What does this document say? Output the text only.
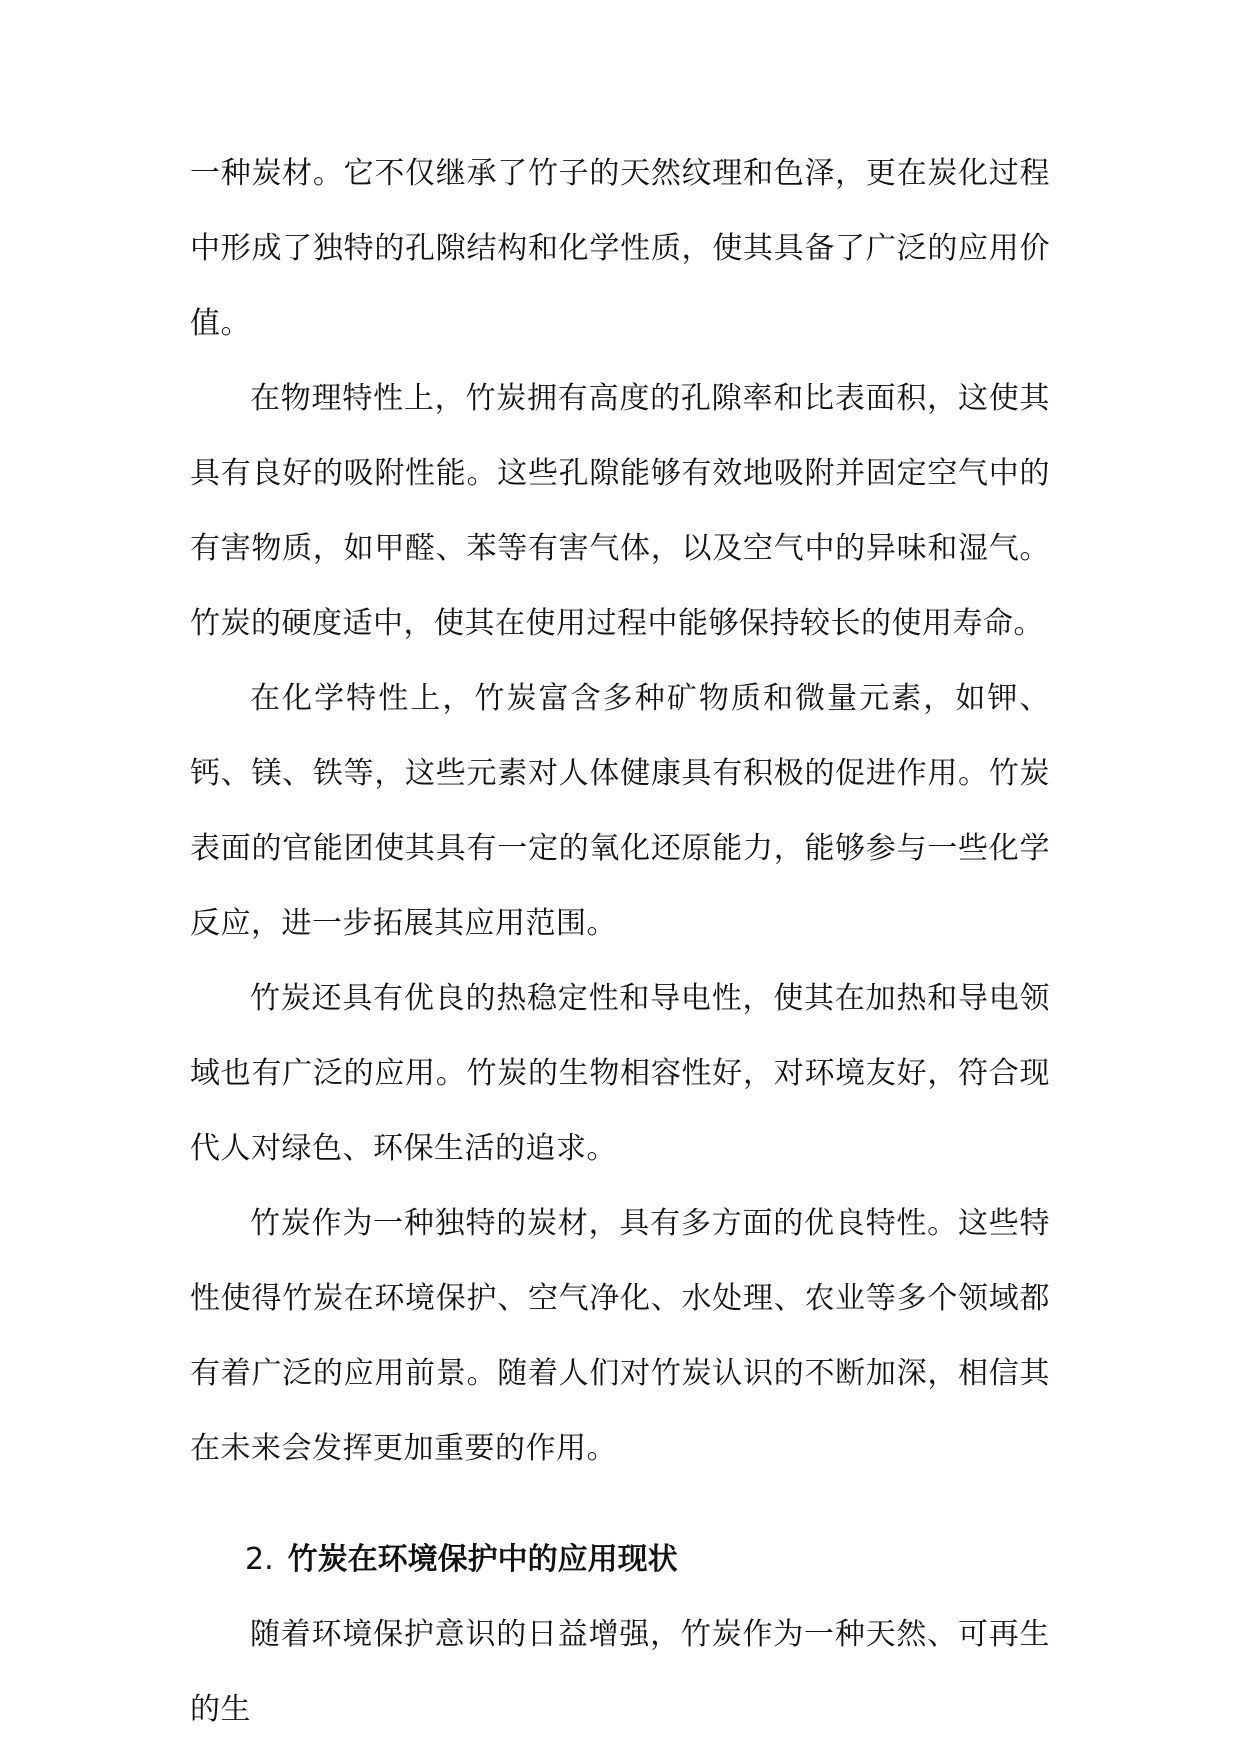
一种炭材。它不仅继承了竹子的天然纹理和色泽，更在炭化过程中形成了独特的孔隙结构和化学性质，使其具备了广泛的应用价值。

在物理特性上，竹炭拥有高度的孔隙率和比表面积，这使其具有良好的吸附性能。这些孔隙能够有效地吸附并固定空气中的有害物质，如甲醛、苯等有害气体，以及空气中的异味和湿气。竹炭的硬度适中，使其在使用过程中能够保持较长的使用寿命。

在化学特性上，竹炭富含多种矿物质和微量元素，如钾、钙、镁、铁等，这些元素对人体健康具有积极的促进作用。竹炭表面的官能团使其具有一定的氧化还原能力，能够参与一些化学反应，进一步拓展其应用范围。

竹炭还具有优良的热稳定性和导电性，使其在加热和导电领域也有广泛的应用。竹炭的生物相容性好，对环境友好，符合现代人对绿色、环保生活的追求。

竹炭作为一种独特的炭材，具有多方面的优良特性。这些特性使得竹炭在环境保护、空气净化、水处理、农业等多个领域都有着广泛的应用前景。随着人们对竹炭认识的不断加深，相信其在未来会发挥更加重要的作用。

2. 竹炭在环境保护中的应用现状

随着环境保护意识的日益增强，竹炭作为一种天然、可再生的生
